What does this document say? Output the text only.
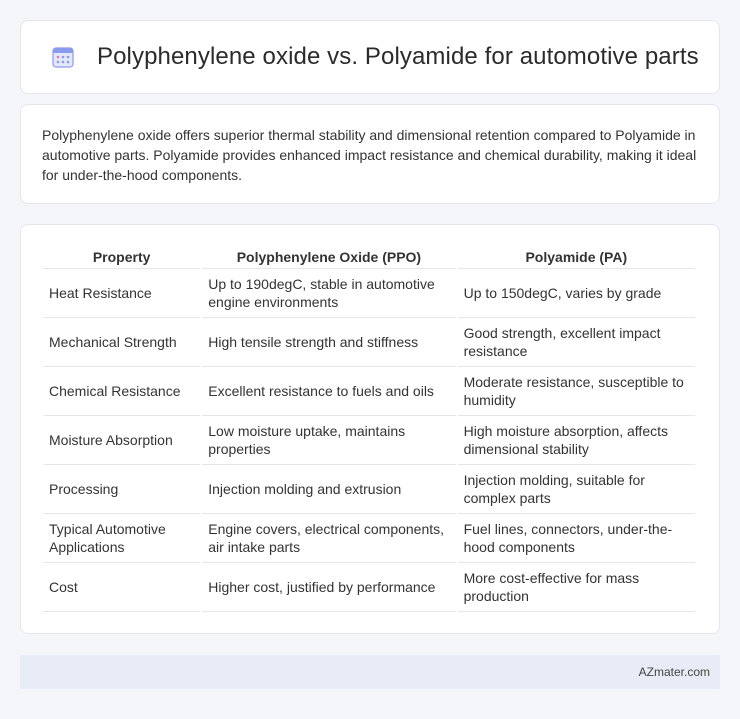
Polyphenylene oxide vs. Polyamide for automotive parts

Polyphenylene oxide offers superior thermal stability and dimensional retention compared to Polyamide in automotive parts. Polyamide provides enhanced impact resistance and chemical durability, making it ideal for under-the-hood components.

Property	Polyphenylene Oxide (PPO)	Polyamide (PA)
Heat Resistance	Up to 190degC, stable in automotive engine environments	Up to 150degC, varies by grade
Mechanical Strength	High tensile strength and stiffness	Good strength, excellent impact resistance
Chemical Resistance	Excellent resistance to fuels and oils	Moderate resistance, susceptible to humidity
Moisture Absorption	Low moisture uptake, maintains properties	High moisture absorption, affects dimensional stability
Processing	Injection molding and extrusion	Injection molding, suitable for complex parts
Typical Automotive Applications	Engine covers, electrical components, air intake parts	Fuel lines, connectors, under-the-hood components
Cost	Higher cost, justified by performance	More cost-effective for mass production
AZmater.com
